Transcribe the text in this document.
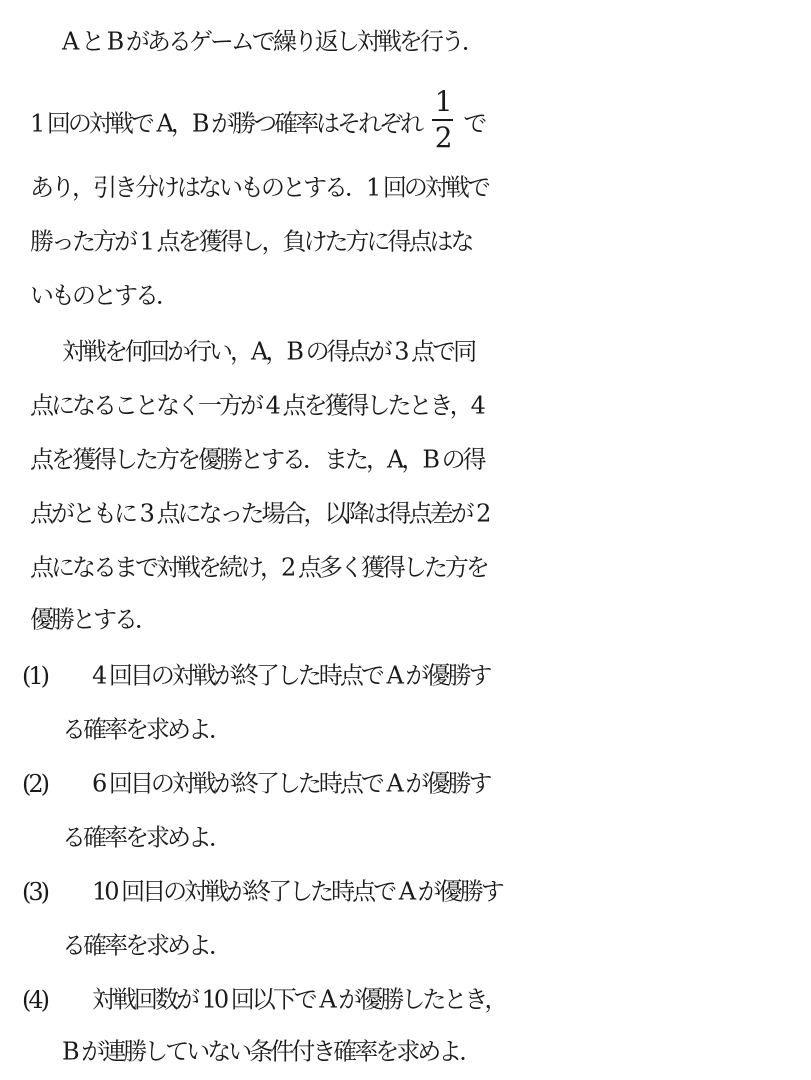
A と B があるゲームで繰り返し対戦を行う．
1 回の対戦で A，B が勝つ確率はそれぞれ $\frac{1}{2}$ で
あり，引き分けはないものとする．1 回の対戦で
勝った方が 1 点を獲得し，負けた方に得点はな
いものとする．
対戦を何回か行い，A，B の得点が 3 点で同
点になることなく一方が 4 点を獲得したとき，4
点を獲得した方を優勝とする．また，A，B の得
点がともに 3 点になった場合，以降は得点差が 2
点になるまで対戦を続け，2 点多く獲得した方を
優勝とする．
(1) 4 回目の対戦が終了した時点で A が優勝す
る確率を求めよ．
(2) 6 回目の対戦が終了した時点で A が優勝す
る確率を求めよ．
(3) 10 回目の対戦が終了した時点で A が優勝す
る確率を求めよ．
(4) 対戦回数が 10 回以下で A が優勝したとき，
B が連勝していない条件付き確率を求めよ．
